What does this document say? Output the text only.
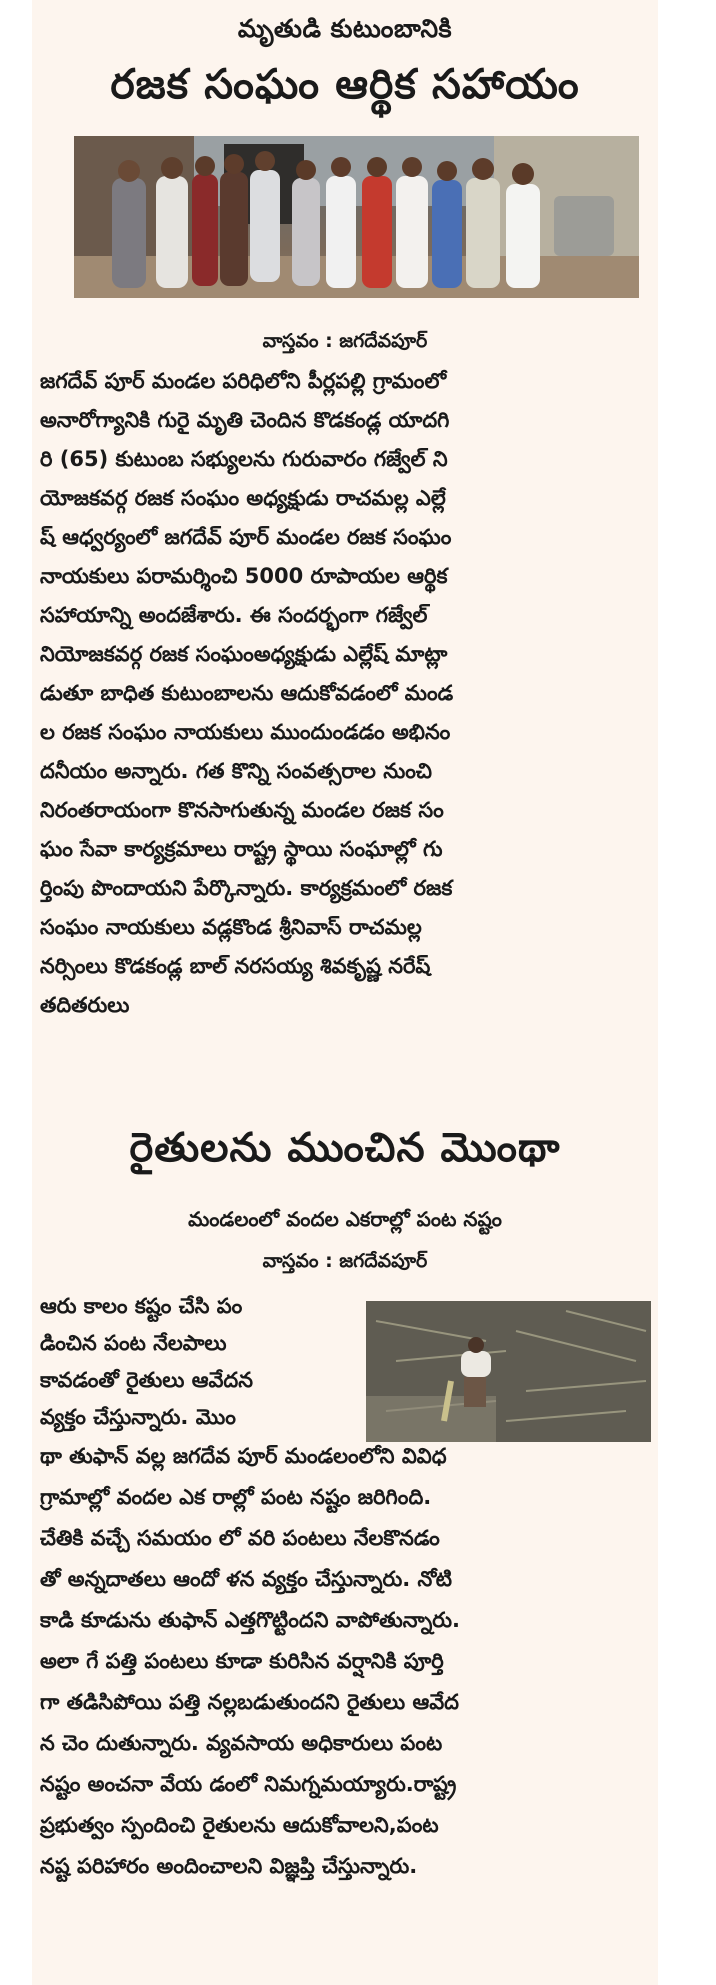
మృతుడి కుటుంబానికి
రజక సంఘం ఆర్థిక సహాయం
వాస్తవం : జగదేవపూర్
జగదేవ్ పూర్ మండల పరిధిలోని పీర్లపల్లి గ్రామంలో
అనారోగ్యానికి గురై మృతి చెందిన కొడకండ్ల యాదగి
రి (65) కుటుంబ సభ్యులను గురువారం గజ్వేల్ ని
యోజకవర్గ రజక సంఘం అధ్యక్షుడు రాచమల్ల ఎల్లే
ష్ ఆధ్వర్యంలో జగదేవ్ పూర్ మండల రజక సంఘం
నాయకులు పరామర్శించి 5000 రూపాయల ఆర్థిక
సహాయాన్ని అందజేశారు. ఈ సందర్భంగా గజ్వేల్
నియోజకవర్గ రజక సంఘంఅధ్యక్షుడు ఎల్లేష్ మాట్లా
డుతూ బాధిత కుటుంబాలను ఆదుకోవడంలో మండ
ల రజక సంఘం నాయకులు ముందుండడం అభినం
దనీయం అన్నారు. గత కొన్ని సంవత్సరాల నుంచి
నిరంతరాయంగా కొనసాగుతున్న మండల రజక సం
ఘం సేవా కార్యక్రమాలు రాష్ట్ర స్థాయి సంఘాల్లో గు
ర్తింపు పొందాయని పేర్కొన్నారు. కార్యక్రమంలో రజక
సంఘం నాయకులు వడ్లకొండ శ్రీనివాస్ రాచమల్ల
నర్సింలు కొడకండ్ల బాల్ నరసయ్య శివకృష్ణ నరేష్
తదితరులు
రైతులను ముంచిన మొంథా
మండలంలో వందల ఎకరాల్లో పంట నష్టం
వాస్తవం : జగదేవపూర్
ఆరు కాలం కష్టం చేసి పం
డించిన పంట నేలపాలు
కావడంతో రైతులు ఆవేదన
వ్యక్తం చేస్తున్నారు. మొం
థా తుఫాన్ వల్ల జగదేవ పూర్ మండలంలోని వివిధ
గ్రామాల్లో వందల ఎక రాల్లో పంట నష్టం జరిగింది.
చేతికి వచ్చే సమయం లో వరి పంటలు నేలకొనడం
తో అన్నదాతలు ఆందో ళన వ్యక్తం చేస్తున్నారు. నోటి
కాడి కూడును తుఫాన్ ఎత్తగొట్టిందని వాపోతున్నారు.
అలా గే పత్తి పంటలు కూడా కురిసిన వర్షానికి పూర్తి
గా తడిసిపోయి పత్తి నల్లబడుతుందని రైతులు ఆవేద
న చెం దుతున్నారు. వ్యవసాయ అధికారులు పంట
నష్టం అంచనా వేయ డంలో నిమగ్నమయ్యారు.రాష్ట్ర
ప్రభుత్వం స్పందించి రైతులను ఆదుకోవాలని,పంట
నష్ట పరిహారం అందించాలని విజ్ఞప్తి చేస్తున్నారు.
